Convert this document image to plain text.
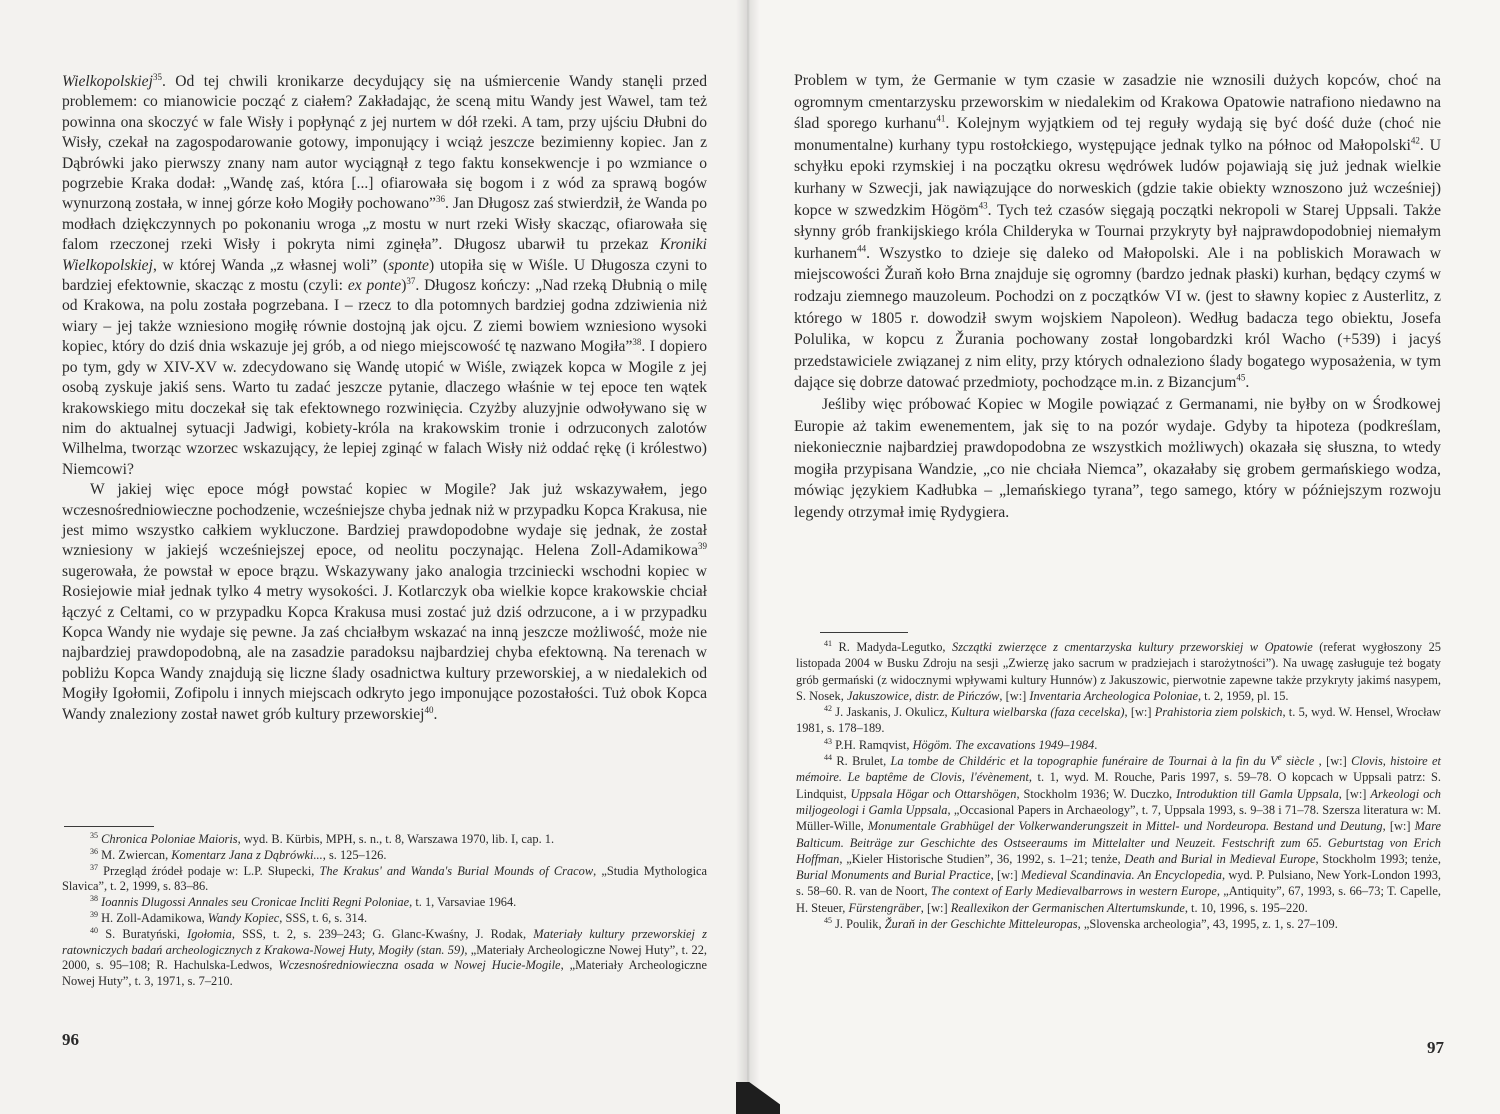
Wielkopolskiej$^{35}$. Od tej chwili kronikarze decydujący się na uśmiercenie Wandy stanęli przed problemem: co mianowicie począć z ciałem? Zakładając, że sceną mitu Wandy jest Wawel, tam też powinna ona skoczyć w fale Wisły i popłynąć z jej nurtem w dół rzeki. A tam, przy ujściu Dłubni do Wisły, czekał na zagospodarowanie gotowy, imponujący i wciąż jeszcze bezimienny kopiec. Jan z Dąbrówki jako pierwszy znany nam autor wyciągnął z tego faktu konsekwencje i po wzmiance o pogrzebie Kraka dodał: „Wandę zaś, która [...] ofiarowała się bogom i z wód za sprawą bogów wynurzoną została, w innej górze koło Mogiły pochowano”$^{36}$. Jan Długosz zaś stwierdził, że Wanda po modłach dziękczynnych po pokonaniu wroga „z mostu w nurt rzeki Wisły skacząc, ofiarowała się falom rzeczonej rzeki Wisły i pokryta nimi zginęła”. Długosz ubarwił tu przekaz Kroniki Wielkopolskiej, w której Wanda „z własnej woli” (sponte) utopiła się w Wiśle. U Długosza czyni to bardziej efektownie, skacząc z mostu (czyli: ex ponte)$^{37}$. Długosz kończy: „Nad rzeką Dłubnią o milę od Krakowa, na polu została pogrzebana. I – rzecz to dla potomnych bardziej godna zdziwienia niż wiary – jej także wzniesiono mogiłę równie dostojną jak ojcu. Z ziemi bowiem wzniesiono wysoki kopiec, który do dziś dnia wskazuje jej grób, a od niego miejscowość tę nazwano Mogiła”$^{38}$. I dopiero po tym, gdy w XIV-XV w. zdecydowano się Wandę utopić w Wiśle, związek kopca w Mogile z jej osobą zyskuje jakiś sens. Warto tu zadać jeszcze pytanie, dlaczego właśnie w tej epoce ten wątek krakowskiego mitu doczekał się tak efektownego rozwinięcia. Czyżby aluzyjnie odwoływano się w nim do aktualnej sytuacji Jadwigi, kobiety-króla na krakowskim tronie i odrzuconych zalotów Wilhelma, tworząc wzorzec wskazujący, że lepiej zginąć w falach Wisły niż oddać rękę (i królestwo) Niemcowi?

W jakiej więc epoce mógł powstać kopiec w Mogile? Jak już wskazywałem, jego wczesnośredniowieczne pochodzenie, wcześniejsze chyba jednak niż w przypadku Kopca Krakusa, nie jest mimo wszystko całkiem wykluczone. Bardziej prawdopodobne wydaje się jednak, że został wzniesiony w jakiejś wcześniejszej epoce, od neolitu poczynając. Helena Zoll-Adamikowa$^{39}$ sugerowała, że powstał w epoce brązu. Wskazywany jako analogia trzciniecki wschodni kopiec w Rosiejowie miał jednak tylko 4 metry wysokości. J. Kotlarczyk oba wielkie kopce krakowskie chciał łączyć z Celtami, co w przypadku Kopca Krakusa musi zostać już dziś odrzucone, a i w przypadku Kopca Wandy nie wydaje się pewne. Ja zaś chciałbym wskazać na inną jeszcze możliwość, może nie najbardziej prawdopodobną, ale na zasadzie paradoksu najbardziej chyba efektowną. Na terenach w pobliżu Kopca Wandy znajdują się liczne ślady osadnictwa kultury przeworskiej, a w niedalekich od Mogiły Igołomii, Zofipolu i innych miejscach odkryto jego imponujące pozostałości. Tuż obok Kopca Wandy znaleziony został nawet grób kultury przeworskiej$^{40}$.

$^{35}$ Chronica Poloniae Maioris, wyd. B. Kürbis, MPH, s. n., t. 8, Warszawa 1970, lib. I, cap. 1.

$^{36}$ M. Zwiercan, Komentarz Jana z Dąbrówki..., s. 125–126.

$^{37}$ Przegląd źródeł podaje w: L.P. Słupecki, The Krakus' and Wanda's Burial Mounds of Cracow, „Studia Mythologica Slavica”, t. 2, 1999, s. 83–86.

$^{38}$ Ioannis Dlugossi Annales seu Cronicae Incliti Regni Poloniae, t. 1, Varsaviae 1964.

$^{39}$ H. Zoll-Adamikowa, Wandy Kopiec, SSS, t. 6, s. 314.

$^{40}$ S. Buratyński, Igołomia, SSS, t. 2, s. 239–243; G. Glanc-Kwaśny, J. Rodak, Materiały kultury przeworskiej z ratowniczych badań archeologicznych z Krakowa-Nowej Huty, Mogiły (stan. 59), „Materiały Archeologiczne Nowej Huty”, t. 22, 2000, s. 95–108; R. Hachulska-Ledwos, Wczesnośredniowieczna osada w Nowej Hucie-Mogile, „Materiały Archeologiczne Nowej Huty”, t. 3, 1971, s. 7–210.

96

Problem w tym, że Germanie w tym czasie w zasadzie nie wznosili dużych kopców, choć na ogromnym cmentarzysku przeworskim w niedalekim od Krakowa Opatowie natrafiono niedawno na ślad sporego kurhanu$^{41}$. Kolejnym wyjątkiem od tej reguły wydają się być dość duże (choć nie monumentalne) kurhany typu rostołckiego, występujące jednak tylko na północ od Małopolski$^{42}$. U schyłku epoki rzymskiej i na początku okresu wędrówek ludów pojawiają się już jednak wielkie kurhany w Szwecji, jak nawiązujące do norweskich (gdzie takie obiekty wznoszono już wcześniej) kopce w szwedzkim Högöm$^{43}$. Tych też czasów sięgają początki nekropoli w Starej Uppsali. Także słynny grób frankijskiego króla Childeryka w Tournai przykryty był najprawdopodobniej niemałym kurhanem$^{44}$. Wszystko to dzieje się daleko od Małopolski. Ale i na pobliskich Morawach w miejscowości Žuraň koło Brna znajduje się ogromny (bardzo jednak płaski) kurhan, będący czymś w rodzaju ziemnego mauzoleum. Pochodzi on z początków VI w. (jest to sławny kopiec z Austerlitz, z którego w 1805 r. dowodził swym wojskiem Napoleon). Według badacza tego obiektu, Josefa Polulika, w kopcu z Žurania pochowany został longobardzki król Wacho (+539) i jacyś przedstawiciele związanej z nim elity, przy których odnaleziono ślady bogatego wyposażenia, w tym dające się dobrze datować przedmioty, pochodzące m.in. z Bizancjum$^{45}$.

Jeśliby więc próbować Kopiec w Mogile powiązać z Germanami, nie byłby on w Środkowej Europie aż takim ewenementem, jak się to na pozór wydaje. Gdyby ta hipoteza (podkreślam, niekoniecznie najbardziej prawdopodobna ze wszystkich możliwych) okazała się słuszna, to wtedy mogiła przypisana Wandzie, „co nie chciała Niemca”, okazałaby się grobem germańskiego wodza, mówiąc językiem Kadłubka – „lemańskiego tyrana”, tego samego, który w późniejszym rozwoju legendy otrzymał imię Rydygiera.

$^{41}$ R. Madyda-Legutko, Szczątki zwierzęce z cmentarzyska kultury przeworskiej w Opatowie (referat wygłoszony 25 listopada 2004 w Busku Zdroju na sesji „Zwierzę jako sacrum w pradziejach i starożytności”). Na uwagę zasługuje też bogaty grób germański (z widocznymi wpływami kultury Hunnów) z Jakuszowic, pierwotnie zapewne także przykryty jakimś nasypem, S. Nosek, Jakuszowice, distr. de Pińczów, [w:] Inventaria Archeologica Poloniae, t. 2, 1959, pl. 15.

$^{42}$ J. Jaskanis, J. Okulicz, Kultura wielbarska (faza cecelska), [w:] Prahistoria ziem polskich, t. 5, wyd. W. Hensel, Wrocław 1981, s. 178–189.

$^{43}$ P.H. Ramqvist, Högöm. The excavations 1949–1984.

$^{44}$ R. Brulet, La tombe de Childéric et la topographie funéraire de Tournai à la fin du Ve siècle , [w:] Clovis, histoire et mémoire. Le baptême de Clovis, l'évènement, t. 1, wyd. M. Rouche, Paris 1997, s. 59–78. O kopcach w Uppsali patrz: S. Lindquist, Uppsala Högar och Ottarshögen, Stockholm 1936; W. Duczko, Introduktion till Gamla Uppsala, [w:] Arkeologi och miljogeologi i Gamla Uppsala, „Occasional Papers in Archaeology”, t. 7, Uppsala 1993, s. 9–38 i 71–78. Szersza literatura w: M. Müller-Wille, Monumentale Grabhügel der Volkerwanderungszeit in Mittel- und Nordeuropa. Bestand und Deutung, [w:] Mare Balticum. Beiträge zur Geschichte des Ostseeraums im Mittelalter und Neuzeit. Festschrift zum 65. Geburtstag von Erich Hoffman, „Kieler Historische Studien”, 36, 1992, s. 1–21; tenże, Death and Burial in Medieval Europe, Stockholm 1993; tenże, Burial Monuments and Burial Practice, [w:] Medieval Scandinavia. An Encyclopedia, wyd. P. Pulsiano, New York-London 1993, s. 58–60. R. van de Noort, The context of Early Medievalbarrows in western Europe, „Antiquity”, 67, 1993, s. 66–73; T. Capelle, H. Steuer, Fürstengräber, [w:] Reallexikon der Germanischen Altertumskunde, t. 10, 1996, s. 195–220.

$^{45}$ J. Poulik, Žuraň in der Geschichte Mitteleuropas, „Slovenska archeologia”, 43, 1995, z. 1, s. 27–109.

97
